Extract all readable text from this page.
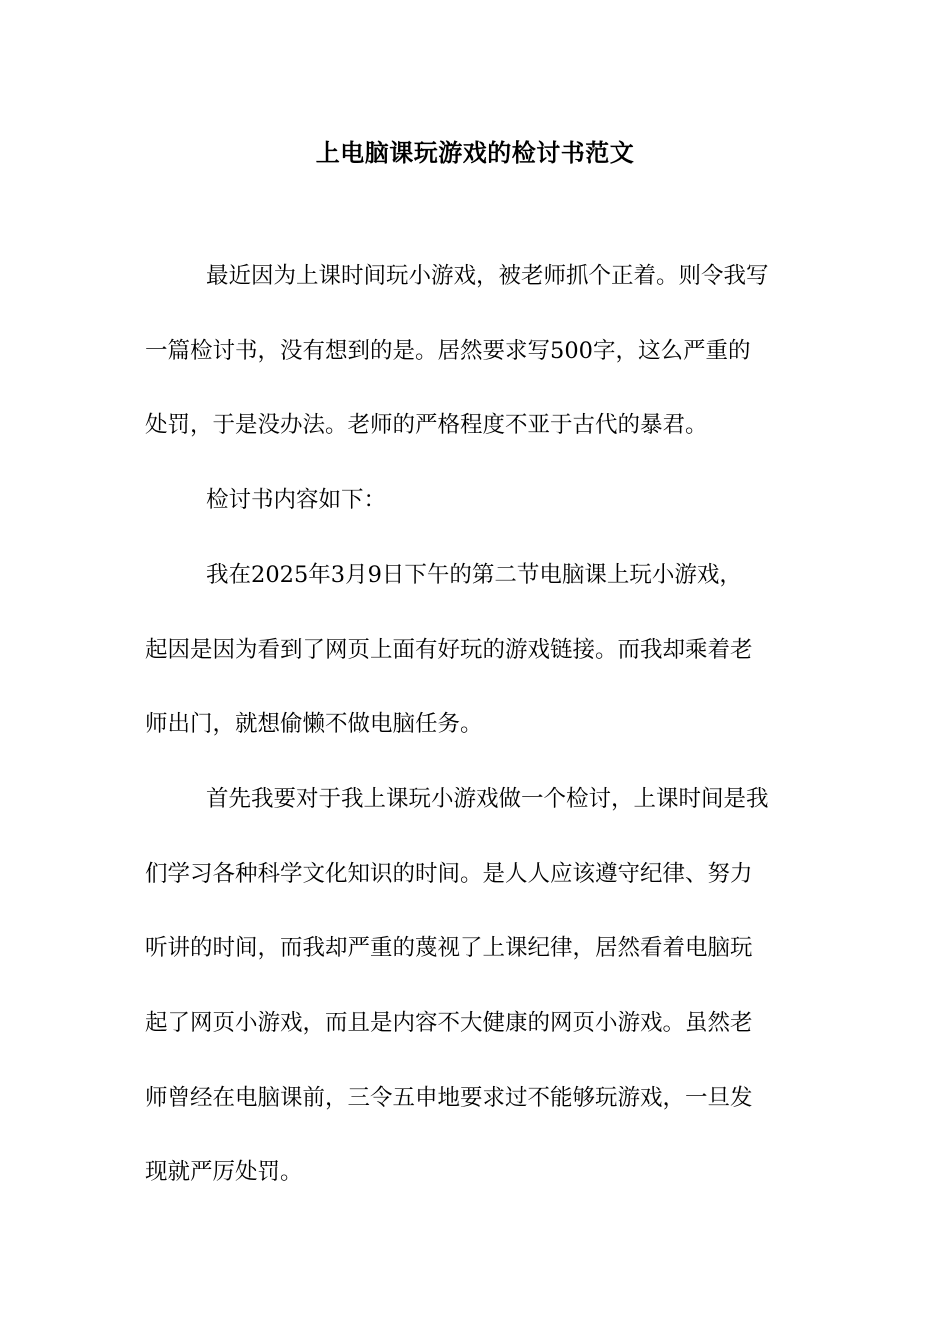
上电脑课玩游戏的检讨书范文
最近因为上课时间玩小游戏，被老师抓个正着。则令我写
一篇检讨书，没有想到的是。居然要求写500字，这么严重的
处罚，于是没办法。老师的严格程度不亚于古代的暴君。
检讨书内容如下：
我在2025年3月9日下午的第二节电脑课上玩小游戏，
起因是因为看到了网页上面有好玩的游戏链接。而我却乘着老
师出门，就想偷懒不做电脑任务。
首先我要对于我上课玩小游戏做一个检讨，上课时间是我
们学习各种科学文化知识的时间。是人人应该遵守纪律、努力
听讲的时间，而我却严重的蔑视了上课纪律，居然看着电脑玩
起了网页小游戏，而且是内容不大健康的网页小游戏。虽然老
师曾经在电脑课前，三令五申地要求过不能够玩游戏，一旦发
现就严厉处罚。
